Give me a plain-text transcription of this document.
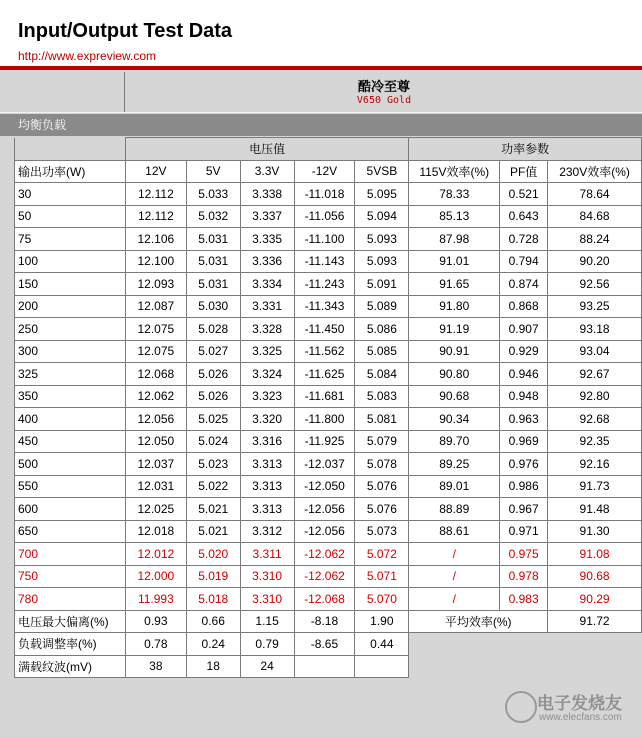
Input/Output Test Data
http://www.expreview.com
酷冷至尊
V650 Gold
均衡负载
	电压值					功率参数		
输出功率(W)	12V	5V	3.3V	-12V	5VSB	115V效率(%)	PF值	230V效率(%)
30	12.112	5.033	3.338	-11.018	5.095	78.33	0.521	78.64
50	12.112	5.032	3.337	-11.056	5.094	85.13	0.643	84.68
75	12.106	5.031	3.335	-11.100	5.093	87.98	0.728	88.24
100	12.100	5.031	3.336	-11.143	5.093	91.01	0.794	90.20
150	12.093	5.031	3.334	-11.243	5.091	91.65	0.874	92.56
200	12.087	5.030	3.331	-11.343	5.089	91.80	0.868	93.25
250	12.075	5.028	3.328	-11.450	5.086	91.19	0.907	93.18
300	12.075	5.027	3.325	-11.562	5.085	90.91	0.929	93.04
325	12.068	5.026	3.324	-11.625	5.084	90.80	0.946	92.67
350	12.062	5.026	3.323	-11.681	5.083	90.68	0.948	92.80
400	12.056	5.025	3.320	-11.800	5.081	90.34	0.963	92.68
450	12.050	5.024	3.316	-11.925	5.079	89.70	0.969	92.35
500	12.037	5.023	3.313	-12.037	5.078	89.25	0.976	92.16
550	12.031	5.022	3.313	-12.050	5.076	89.01	0.986	91.73
600	12.025	5.021	3.313	-12.056	5.076	88.89	0.967	91.48
650	12.018	5.021	3.312	-12.056	5.073	88.61	0.971	91.30
700	12.012	5.020	3.311	-12.062	5.072	/	0.975	91.08
750	12.000	5.019	3.310	-12.062	5.071	/	0.978	90.68
780	11.993	5.018	3.310	-12.068	5.070	/	0.983	90.29
电压最大偏离(%)	0.93	0.66	1.15	-8.18	1.90	平均效率(%)		91.72
负载调整率(%)	0.78	0.24	0.79	-8.65	0.44			
满载纹波(mV)	38	18	24					
电子发烧友
www.elecfans.com
